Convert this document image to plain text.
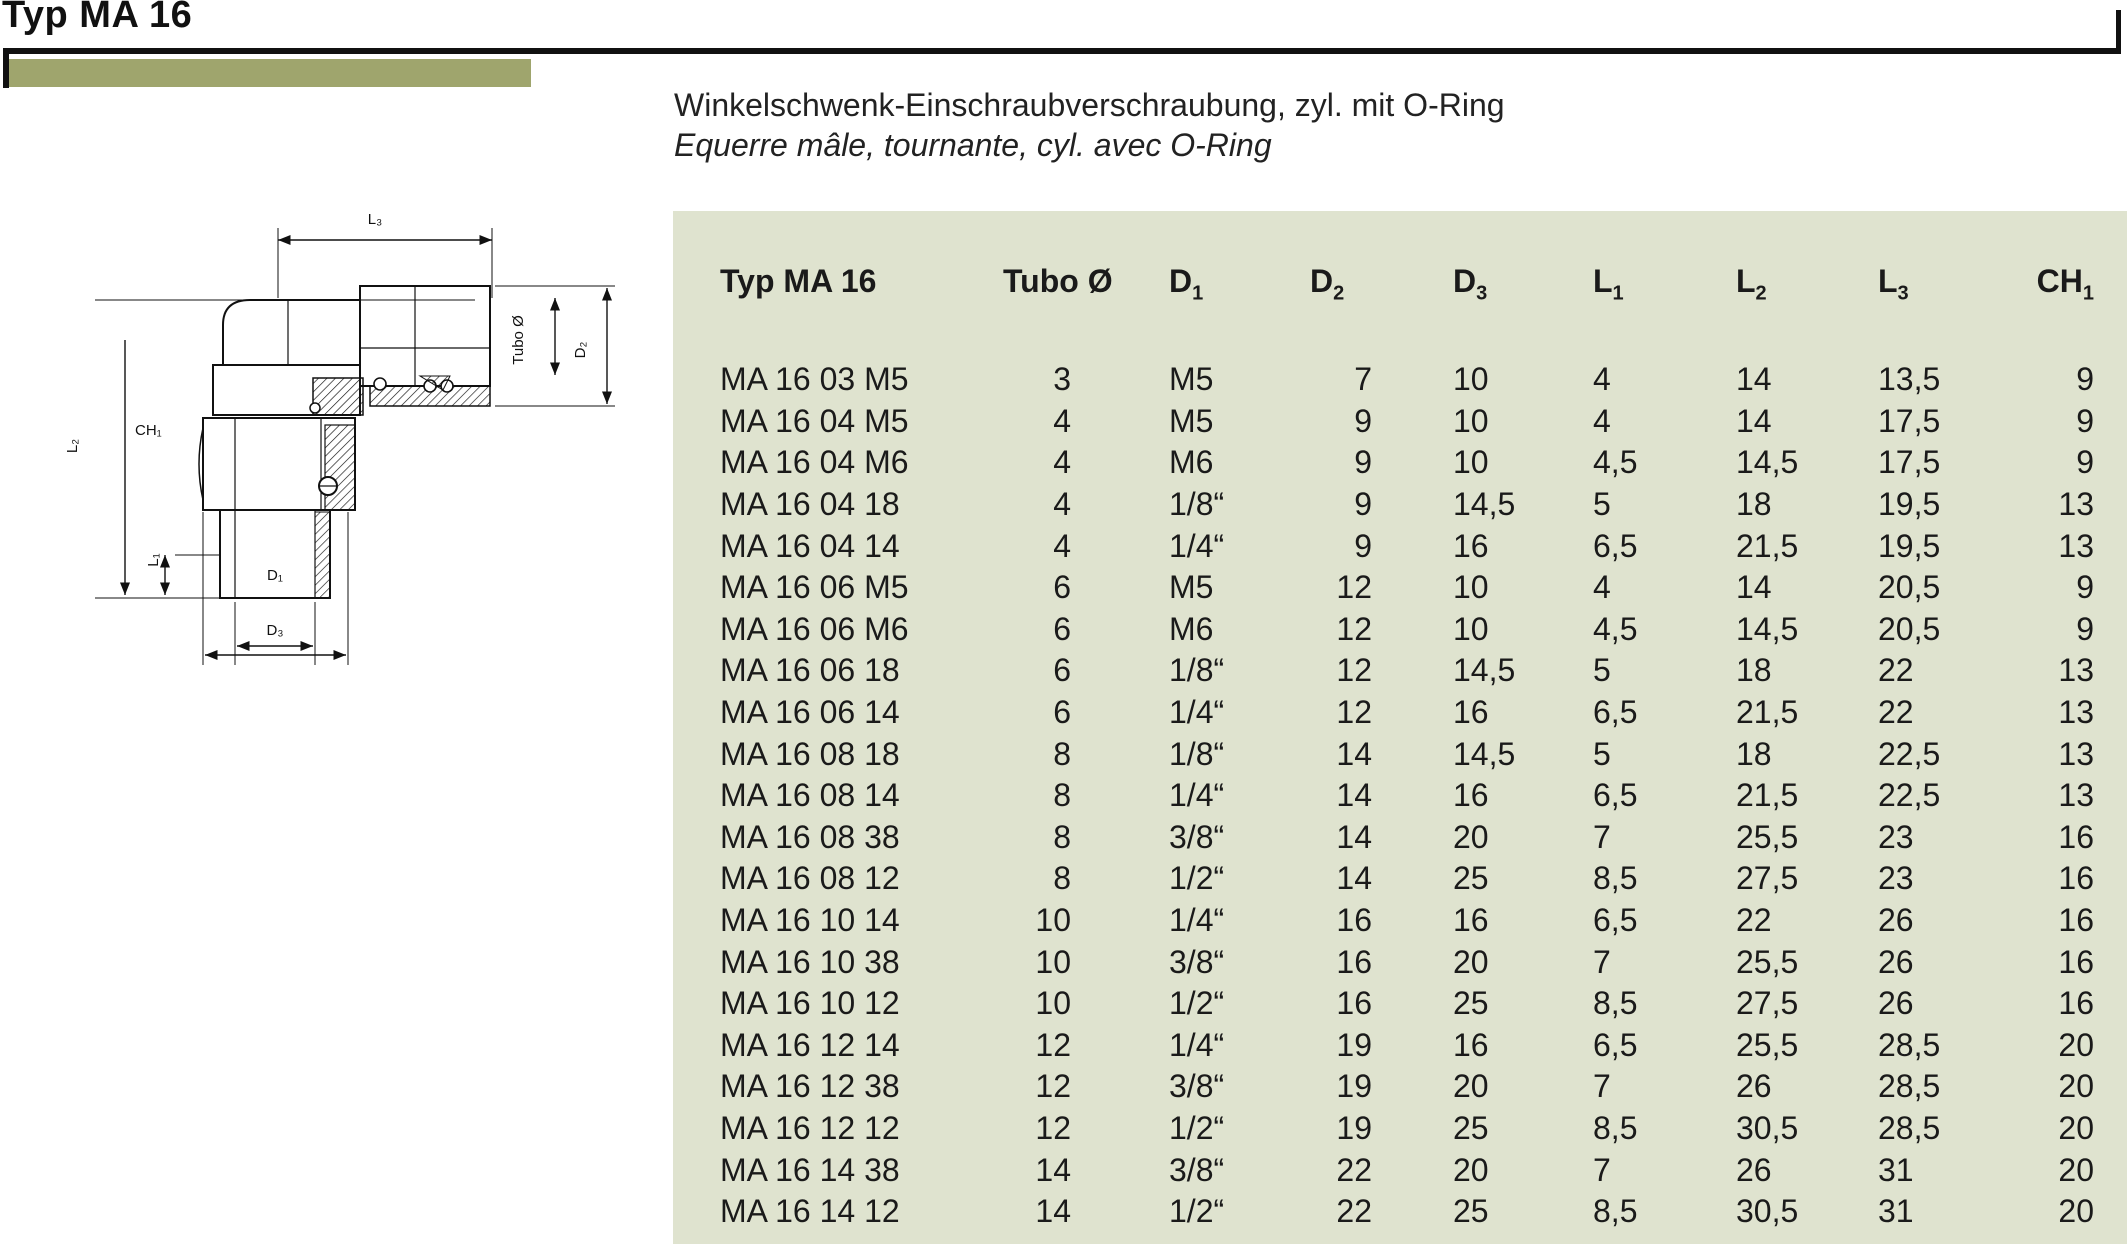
Typ MA 16
Winkelschwenk-Einschraubverschraubung, zyl. mit O-Ring
Equerre mâle, tournante, cyl. avec O-Ring
L₃
L₂
L₁
CH₁
D₁
D₃
D₂
Tubo Ø
Typ MA 16	Tubo Ø	$D_1$	$D_2$	$D_3$	$L_1$	$L_2$	$L_3$	$CH_1$
MA 16 03 M5	3	M5	7	10	4	14	13,5	9
MA 16 04 M5	4	M5	9	10	4	14	17,5	9
MA 16 04 M6	4	M6	9	10	4,5	14,5	17,5	9
MA 16 04 18	4	1/8“	9	14,5	5	18	19,5	13
MA 16 04 14	4	1/4“	9	16	6,5	21,5	19,5	13
MA 16 06 M5	6	M5	12	10	4	14	20,5	9
MA 16 06 M6	6	M6	12	10	4,5	14,5	20,5	9
MA 16 06 18	6	1/8“	12	14,5	5	18	22	13
MA 16 06 14	6	1/4“	12	16	6,5	21,5	22	13
MA 16 08 18	8	1/8“	14	14,5	5	18	22,5	13
MA 16 08 14	8	1/4“	14	16	6,5	21,5	22,5	13
MA 16 08 38	8	3/8“	14	20	7	25,5	23	16
MA 16 08 12	8	1/2“	14	25	8,5	27,5	23	16
MA 16 10 14	10	1/4“	16	16	6,5	22	26	16
MA 16 10 38	10	3/8“	16	20	7	25,5	26	16
MA 16 10 12	10	1/2“	16	25	8,5	27,5	26	16
MA 16 12 14	12	1/4“	19	16	6,5	25,5	28,5	20
MA 16 12 38	12	3/8“	19	20	7	26	28,5	20
MA 16 12 12	12	1/2“	19	25	8,5	30,5	28,5	20
MA 16 14 38	14	3/8“	22	20	7	26	31	20
MA 16 14 12	14	1/2“	22	25	8,5	30,5	31	20
